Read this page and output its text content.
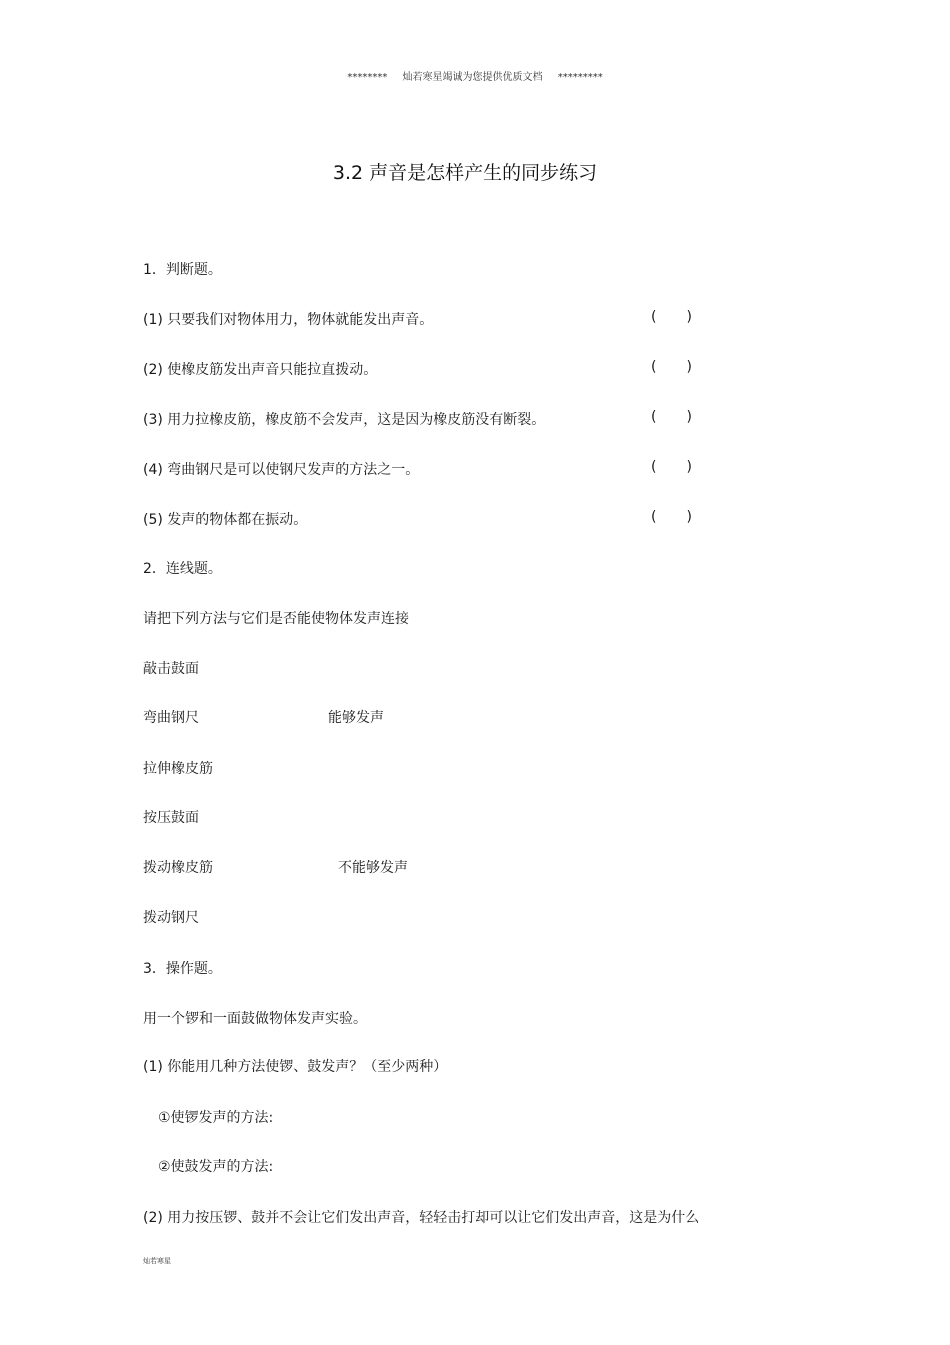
******** 灿若寒星竭诚为您提供优质文档 *********
3.2 声音是怎样产生的同步练习
1．判断题。
(1) 只要我们对物体用力，物体就能发出声音。	( )
(2) 使橡皮筋发出声音只能拉直拨动。	( )
(3) 用力拉橡皮筋，橡皮筋不会发声，这是因为橡皮筋没有断裂。	( )
(4) 弯曲钢尺是可以使钢尺发声的方法之一。	( )
(5) 发声的物体都在振动。	( )
2．连线题。
请把下列方法与它们是否能使物体发声连接
敲击鼓面
弯曲钢尺	能够发声
拉伸橡皮筋
按压鼓面
拨动橡皮筋	不能够发声
拨动钢尺
3．操作题。
用一个锣和一面鼓做物体发声实验。
(1) 你能用几种方法使锣、鼓发声？（至少两种）
①使锣发声的方法:
②使鼓发声的方法:
(2) 用力按压锣、鼓并不会让它们发出声音，轻轻击打却可以让它们发出声音，这是为什么
灿若寒星
